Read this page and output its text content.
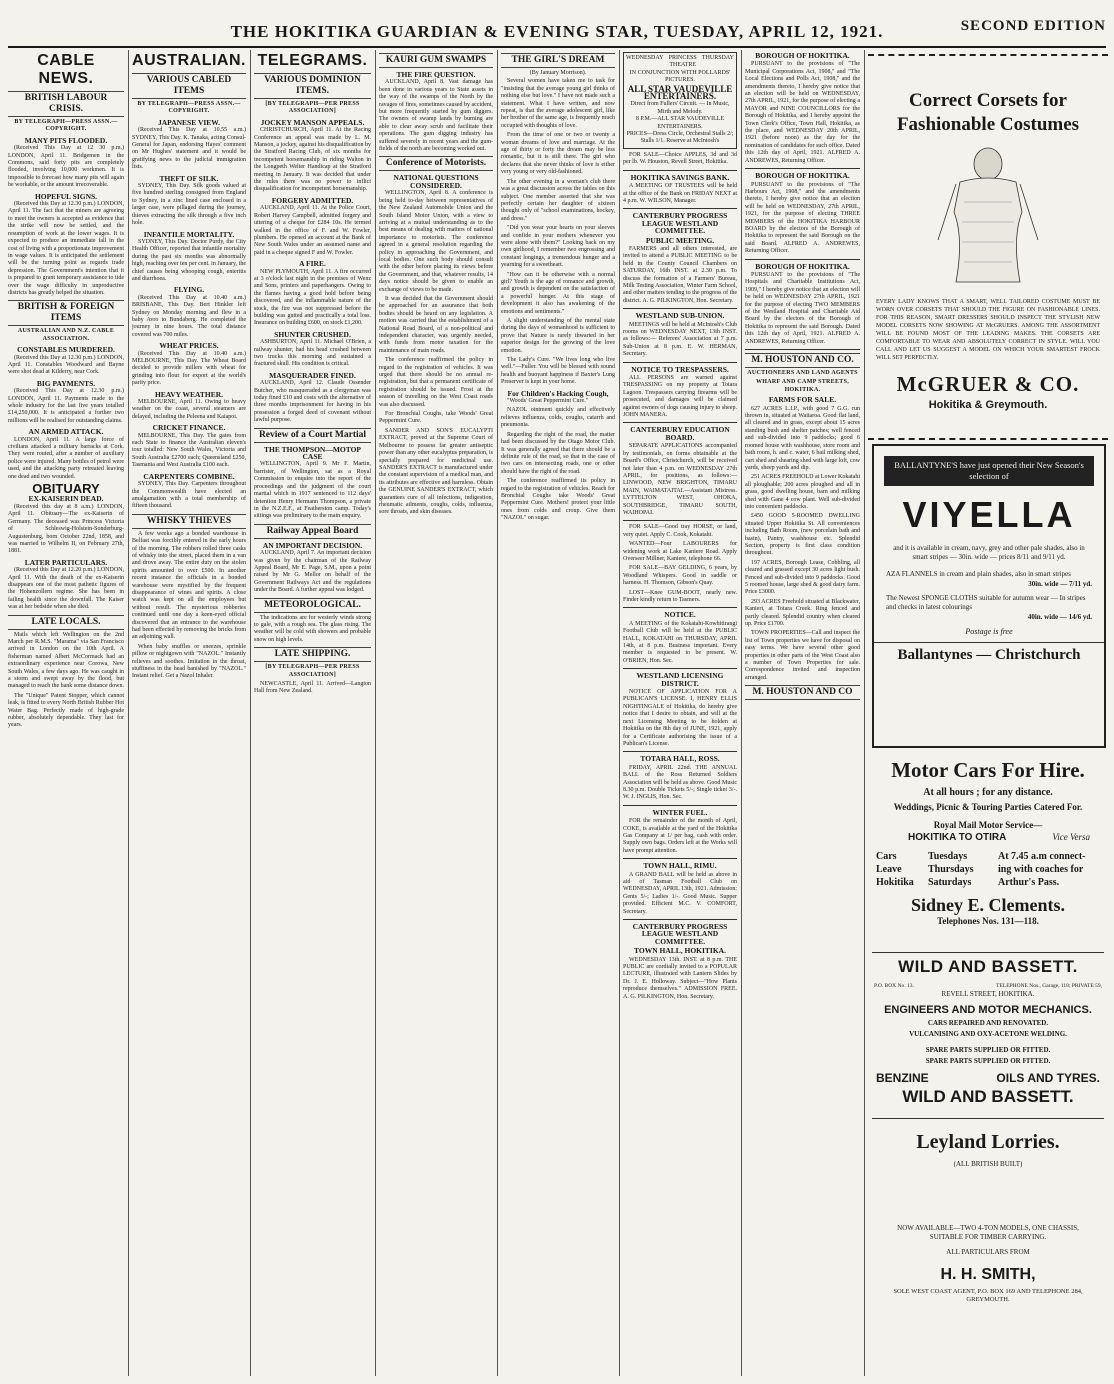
THE HOKITIKA GUARDIAN & EVENING STAR, TUESDAY, APRIL 12, 1921.	SECOND EDITION
CABLE NEWS.
BRITISH LABOUR CRISIS.
BY TELEGRAPH—PRESS ASSN.—COPYRIGHT.
MANY PITS FLOODED.

(Received This Day at 12 30 p.m.) LONDON, April 11. Bridgemen in the Commons, said forty pits are completely flooded, involving 10,000 workmen. It is impossible to forecast how many pits will again be workable, or the amount irrecoverable.

HOPEFUL SIGNS.

(Received this Day at 12.30 p.m.) LONDON, April 11. The fact that the miners are agreeing to meet the owners is accepted as evidence that the strike will now be settled, and the resumption of work at the lower wages. It is expected to produce an immediate fall in the cost of living with a proportionate improvement in wage values. It is anticipated the settlement will be the turning point as regards trade depression. The Government's intention that it is prepared to grant temporary assistance to tide over the wage difficulty in unproductive districts has greatly helped the situation.

BRITISH & FOREIGN ITEMS
AUSTRALIAN AND N.Z. CABLE ASSOCIATION.
CONSTABLES MURDERED.

(Received this Day at 12.30 p.m.) LONDON, April 11. Constables Woodward and Bayne were shot dead at Kilderry, near Cork.

BIG PAYMENTS.

(Received This Day at 12.30 p.m.) LONDON, April 11. Payments made to the whole industry for the last five years totalled £14,250,000. It is anticipated a further two millions will be realised for outstanding claims.

AN ARMED ATTACK.

LONDON, April 11. A large force of civilians attacked a military barracks at Cork. They were routed, after a number of auxiliary police were injured. Many bottles of petrol were used, and the attacking party retreated leaving one dead and two wounded.

OBITUARY
EX-KAISERIN DEAD.

(Received this day at 8 a.m.) LONDON, April 11. Obituary—The ex-Kaiserin of Germany. The deceased was Princess Victoria of Schleswig-Holstein-Sonderburg-Augustenburg, born October 22nd, 1858, and was married to Wilhelm II, on February 27th, 1881.

LATER PARTICULARS.

(Received this Day at 12.20 p.m.) LONDON, April 11. With the death of the ex-Kaiserin disappears one of the most pathetic figures of the Hohenzollern regime. She has been in failing health since the downfall. The Kaiser was at her bedside when she died.

LATE LOCALS.

Mails which left Wellington on the 2nd March per R.M.S. "Marama" via San Francisco arrived in London on the 10th April. A fisherman named Albert McCormack had an extraordinary experience near Corowa, New South Wales, a few days ago. He was caught in a storm and swept away by the flood, but managed to reach the bank some distance down.

The "Unique" Patent Stopper, which cannot leak, is fitted to every North British Rubber Hot Water Bag. Perfectly made of high-grade rubber, absolutely dependable. They last for years.

AUSTRALIAN.
VARIOUS CABLED ITEMS
BY TELEGRAPH—PRESS ASSN.—COPYRIGHT.
JAPANESE VIEW.

(Received This Day at 10.55 a.m.) SYDNEY, This Day. K. Tanaka, acting Consul-General for Japan, endorsing Hayes' comment on Mr Hughes' statement and it would be gratifying news to the judicial immigration lists.

THEFT OF SILK.

SYDNEY, This Day. Silk goods valued at five hundred sterling consigned from England to Sydney, in a zinc lined case enclosed in a larger case, were pillaged during the journey, thieves extracting the silk through a five inch hole.

INFANTILE MORTALITY.

SYDNEY, This Day. Doctor Purdy, the City Health Officer, reported that infantile mortality during the past six months was abnormally high, reaching over ten per cent. in January, the chief causes being whooping cough, enteritis and diarrhoea.

FLYING.

(Received This Day at 10.40 a.m.) BRISBANE, This Day. Bert Hinkler left Sydney on Monday morning and flew in a baby Avro to Bundaberg. He completed the journey in nine hours. The total distance covered was 700 miles.

WHEAT PRICES.

(Received This Day at 10.40 a.m.) MELBOURNE, This Day. The Wheat Board decided to provide millers with wheat for grinding into flour for export at the world's parity price.

HEAVY WEATHER.

MELBOURNE, April 11. Owing to heavy weather on the coast, several steamers are delayed, including the Peleena and Kaiapoi.

CRICKET FINANCE.

MELBOURNE, This Day. The gates from each State to finance the Australian eleven's tour totalled: New South Wales, Victoria and South Australia £2700 each; Queensland £250, Tasmania and West Australia £100 each.

CARPENTERS COMBINE.

SYDNEY, This Day. Carpenters throughout the Commonwealth have elected an amalgamation with a total membership of fifteen thousand.

WHISKY THIEVES

A few weeks ago a bonded warehouse in Belfast was forcibly entered in the early hours of the morning. The robbers rolled three casks of whisky into the street, placed them in a van and drove away. The entire duty on the stolen spirits amounted to over £500. In another recent instance the officials in a bonded warehouse were mystified by the frequent disappearance of wines and spirits. A close watch was kept on all the employees but without result. The mysterious robberies continued until one day a keen-eyed official discovered that an entrance to the warehouse had been effected by removing the bricks from an adjoining wall.

When baby snuffles or sneezes, sprinkle pillow or nightgown with "NAZOL." Instantly relieves and soothes. Imitation in the throat, stuffiness in the head banished by "NAZOL." Instant relief. Get a Nazol Inhaler.

TELEGRAMS.
VARIOUS DOMINION ITEMS.
[BY TELEGRAPH—PER PRESS ASSOCIATION]
JOCKEY MANSON APPEALS.

CHRISTCHURCH, April 11. At the Racing Conference an appeal was made by L. M. Manson, a jockey, against his disqualification by the Stratford Racing Club, of six months for incompetent horsemanship in riding Walton in the Longpeth Welter Handicap at the Stratford meeting in January. It was decided that under the rules there was no power to inflict disqualification for incompetent horsemanship.

FORGERY ADMITTED.

AUCKLAND, April 11. At the Police Court, Robert Harvey Campbell, admitted forgery and uttering of a cheque for £284 10s. He termed walked in the office of F. and W. Fowler, plumbers. He opened an account at the Bank of New South Wales under an assumed name and paid in a cheque signed F and W. Fowler.

A FIRE.

NEW PLYMOUTH, April 11. A fire occurred at 3 o'clock last night in the premises of Wenz and Sons, printers and paperhangers. Owing to the flames having a good hold before being discovered, and the inflammable nature of the stock, the fire was not suppressed before the building was gutted and practically a total loss. Insurance on building £600, on stock £1,200.

SHUNTER CRUSHED.

ASHBURTON, April 11. Michael O'Brien, a railway shunter, had his head crushed between two trucks this morning and sustained a fractured skull. His condition is critical.

MASQUERADER FINED.

AUCKLAND, April 12. Claude Ossender Butcher, who masqueraded as a clergyman was today fined £10 and costs with the alternative of three months imprisonment for having in his possession a forged deed of covenant without lawful purpose.

Review of a Court Martial
THE THOMPSON—MOTOP CASE

WELLINGTON, April 9. Mr F. Martin, barrister, of Wellington, sat as a Royal Commission to enquire into the report of the proceedings and the judgment of the court martial which in 1917 sentenced to 112 days' detention Henry Hermann Thompson, a private in the N.Z.E.F., at Featherston camp. Today's sittings was preliminary to the main enquiry.

Railway Appeal Board
AN IMPORTANT DECISION.

AUCKLAND, April 7. An important decision was given by the chairman of the Railway Appeal Board, Mr E. Page, S.M., upon a point raised by Mr G. Mellor on behalf of the Government Railways Act and the regulations under the Board. A further appeal was lodged.

METEOROLOGICAL.

The indications are for westerly winds strong to gale, with a rough sea. The glass rising. The weather will be cold with showers and probable snow on high levels.

LATE SHIPPING.
[BY TELEGRAPH—PER PRESS ASSOCIATION]

NEWCASTLE, April 11. Arrived—Langton Hall from New Zealand.

KAURI GUM SWAMPS
THE FIRE QUESTION.

AUCKLAND, April 8. Vast damage has been done in various years to State assets in the way of the swamps of the North by the ravages of fires, sometimes caused by accident, but more frequently started by gum diggers. The owners of swamp lands by burning are able to clear away scrub and facilitate their operations. The gum digging industry has suffered severely in recent years and the gum-fields of the north are becoming worked out.

Conference of Motorists.
NATIONAL QUESTIONS CONSIDERED.

WELLINGTON, April 8. A conference is being held to-day between representatives of the New Zealand Automobile Union and the South Island Motor Union, with a view to arriving at a mutual understanding as to the best means of dealing with matters of national importance to motorists. The conference agreed in a general resolution regarding the policy in approaching the Government, and local bodies. One such body should consult with the other before placing its views before the Government, and that, whatever results, 14 days notice should be given to enable an exchange of views to be made.

It was decided that the Government should be approached for an assurance that both bodies should be heard on any legislation. A motion was carried that the establishment of a National Road Board, of a non-political and independent character, was urgently needed, with funds from motor taxation for the maintenance of main roads.

The conference reaffirmed the policy in regard to the registration of vehicles. It was urged that there should be no annual re-registration, but that a permanent certificate of registration should be issued. Frost at the season of travelling on the West Coast roads was also discussed.

For Bronchial Coughs, take Woods' Great Peppermint Cure.

SANDER AND SON'S EUCALYPTI EXTRACT, proved at the Supreme Court of Melbourne to possess far greater antiseptic power than any other eucalyptus preparation, is specially prepared for medicinal use. SANDER'S EXTRACT is manufactured under the constant supervision of a medical man, and its attributes are effective and harmless. Obtain the GENUINE SANDER'S EXTRACT, which guarantees cure of all infections, indigestion, rheumatic ailments, coughs, colds, influenza, sore throats, and skin diseases.

THE GIRL'S DREAM
(By January Morrison).

Several women have taken me to task for "insisting that the average young girl thinks of nothing else but love." I have not made such a statement. What I have written, and now repeat, is that the average adolescent girl, like her brother of the same age, is frequently much occupied with thoughts of love.

From the time of one or two or twenty a woman dreams of love and marriage. At the age of thirty or forty the dream may be less romantic, but it is still there. The girl who declares that she never thinks of love is either very young or very old-fashioned.

The other evening in a woman's club there was a great discussion across the tables on this subject. One member asserted that she was perfectly certain her daughter of sixteen thought only of "school examinations, hockey, and dress."

"Did you wear your hearts on your sleeves and confide in your mothers whenever you were alone with them?" Looking back on my own girlhood, I remember two engrossing and constant longings, a tremendous hunger and a yearning for a sweetheart.

"How can it be otherwise with a normal girl? Youth is the age of romance and growth, and growth is dependent on the satisfaction of a powerful hunger. At this stage of development it also has awakening of the emotions and sentiments."

A slight understanding of the mental state during the days of womanhood is sufficient to prove that Nature is rarely thwarted in her superior design for the growing of the love emotion.

The Lady's Cure. "We lives long who live well."—Fuller. You will be blessed with sound health and buoyant happiness if Baxter's Lung Preserver is kept in your home.

For Children's Hacking Cough,

"Woods' Great Peppermint Cure."

NAZOL ointment quickly and effectively relieves influenza, colds, coughs, catarrh and pneumonia.

Regarding the right of the road, the matter had been discussed by the Otago Motor Club. It was generally agreed that there should be a definite rule of the road, so that in the case of two cars on intersecting roads, one or other should have the right of the road.

The conference reaffirmed its policy in regard to the registration of vehicles. Reach for Bronchial Coughs take Woods' Great Peppermint Cure. Mothers! protect your little ones from colds and croup. Give them "NAZOL" on sugar.

WEDNESDAY PRINCESS THEATRE
THURSDAY
IN CONJUNCTION WITH POLLARDS' PICTURES.
ALL STAR VAUDEVILLE ENTERTAINERS.
Direct from Fullers' Circuit. — In Music, Mirth and Melody.
8 P.M.—ALL STAR VAUDEVILLE ENTERTAINERS.
PRICES—Dress Circle, Orchestral Stalls 2/; Stalls 1/1. Reserve at McIntosh's

FOR SALE—Choice APPLES, 3d and 3d per lb. W. Houston, Revell Street, Hokitika.

HOKITIKA SAVINGS BANK.

A MEETING OF TRUSTEES will be held at the office of the Bank on FRIDAY NEXT at 4 p.m. W. WILSON, Manager.

CANTERBURY PROGRESS LEAGUE WESTLAND COMMITTEE.
PUBLIC MEETING.

FARMERS and all others interested, are invited to attend a PUBLIC MEETING to be held in the County Council Chambers on SATURDAY, 16th INST. at 2.30 p.m. To discuss the formation of a Farmers' Bureau, Milk Testing Association, Winter Farm School, and other matters tending to the progress of the district. A. G. PILKINGTON, Hon. Secretary.

WESTLAND SUB-UNION.

MEETINGS will be held at McIntosh's Club rooms on WEDNESDAY NEXT, 13th INST. as follows:— Referees' Association at 7 p.m. Sub-Union at 8 p.m. E. W. HERMAN, Secretary.

NOTICE TO TRESPASSERS.

ALL PERSONS are warned against TRESPASSING on my property at Totara Lagoon. Trespassers carrying firearms will be prosecuted, and damages will be claimed against owners of dogs causing injury to sheep. JOHN MANERA.

CANTERBURY EDUCATION BOARD.

SEPARATE APPLICATIONS accompanied by testimonials, on forms obtainable at the Board's Office, Christchurch, will be received not later than 4 p.m. on WEDNESDAY 27th APRIL, for positions, as follows:— LINWOOD, NEW BRIGHTON, TIMARU MAIN, WAIMATAITAI.—Assistant Mistress. LYTTELTON WEST, OHOKA, SOUTHBRIDGE, TIMARU SOUTH, WAIHOPAI.

FOR SALE—Good tray HORSE, or land, very quiet. Apply C. Cook, Kokatahi.

WANTED—Four LABOURERS for widening work at Lake Kaniere Road. Apply Overseer Millner, Kaniere, telephone 66.

FOR SALE—BAY GELDING, 6 years, by Woodland Whispers. Good in saddle or harness. H. Thomson, Gibson's Quay.

LOST—Knee GUM-BOOT, nearly new. Finder kindly return to Tasmers.

NOTICE.

A MEETING of the Kokatahi-Kowhitirangi Football Club will be held at the PUBLIC HALL, KOKATAHI on THURSDAY, APRIL 14th, at 8 p.m. Business important. Every member is requested to be present. W. O'BRIEN, Hon. Sec.

WESTLAND LICENSING DISTRICT.

NOTICE OF APPLICATION FOR A PUBLICAN'S LICENSE. I, HENRY ELLIS NIGHTINGALE of Hokitika, do hereby give notice that I desire to obtain, and will at the next Licensing Meeting to be holden at Hokitika on the 8th day of JUNE, 1921, apply for a Certificate authorising the issue of a Publican's License.

TOTARA HALL, ROSS.

FRIDAY, APRIL 22nd. THE ANNUAL BALL of the Ross Returned Soldiers Association will be held as above. Good Music 8.30 p.m. Double Tickets 5/-; Single ticket 3/-. W. J. INGLIS, Hon. Sec.

WINTER FUEL.

FOR the remainder of the month of April, COKE, is available at the yard of the Hokitika Gas Company at 1/ per bag, cash with order. Supply own bags. Orders left at the Works will have prompt attention.

TOWN HALL, RIMU.

A GRAND BALL will be held as above in aid of Tasman Football Club on WEDNESDAY, APRIL 13th, 1921. Admission: Gents 5/-; Ladies 1/-. Good Music. Supper provided. Efficient M.C. V. COMFORT, Secretary.

CANTERBURY PROGRESS LEAGUE WESTLAND COMMITTEE.
TOWN HALL, HOKITIKA.

WEDNESDAY 13th. INST. at 8 p.m. THE PUBLIC are cordially invited to a POPULAR LECTURE, illustrated with Lantern Slides by Dr. J. E. Holloway. Subject—"How Plants reproduce themselves." ADMISSION FREE. A. G. PILKINGTON, Hon. Secretary.

BOROUGH OF HOKITIKA.

PURSUANT to the provisions of "The Municipal Corporations Act, 1908," and "The Local Elections and Polls Act, 1908," and the amendments thereto, I hereby give notice that an election will be held on WEDNESDAY, 27th APRIL, 1921, for the purpose of electing a MAYOR and NINE COUNCILLORS for the Borough of Hokitika, and I hereby appoint the Town Clerk's Office, Town Hall, Hokitika, as the place, and WEDNESDAY 20th APRIL, 1921 (before noon) as the day for the nomination of candidates for such office. Dated this 12th day of April, 1921. ALFRED A. ANDREWES, Returning Officer.

BOROUGH OF HOKITIKA.

PURSUANT to the provisions of "The Harbours Act, 1908," and the amendments thereto, I hereby give notice that an election will be held on WEDNESDAY, 27th APRIL, 1921, for the purpose of electing THREE MEMBERS of the HOKITIKA HARBOUR BOARD by the electors of the Borough of Hokitika to represent the said Borough on the said Board. ALFRED A. ANDREWES, Returning Officer.

BOROUGH OF HOKITIKA.

PURSUANT to the provisions of "The Hospitals and Charitable Institutions Act, 1909," I hereby give notice that an election will be held on WEDNESDAY 27th APRIL, 1921 for the purpose of electing TWO MEMBERS of the Westland Hospital and Charitable Aid Board by the electors of the Borough of Hokitika to represent the said Borough. Dated this 12th day of April, 1921. ALFRED A. ANDREWES, Returning Officer.

M. HOUSTON AND CO.
AUCTIONEERS AND LAND AGENTS
WHARF AND CAMP STREETS, HOKITIKA.
FARMS FOR SALE.

627 ACRES L.I.P., with good 7 G.G. run thrown in, situated at Waitaroa. Good flat land, all cleared and in grass, except about 15 acres standing bush and shelter patches; well fenced and sub-divided into 9 paddocks; good 6 roomed house with washhouse, store room and bath room, h. and c. water, 6 bail milking shed, cart shed and shearing shed with large loft, cow yards, sheep yards and dip.

251 ACRES FREEHOLD at Lower Kokatahi all ploughable; 200 acres ploughed and all in grass, good dwelling house, barn and milking shed with Gane 4 cow plant. Well sub-divided into convenient paddocks.

£450 GOOD 5-ROOMED DWELLING situated Upper Hokitika St. All conveniences including Bath Room, (new porcelain bath and basin), Pantry, washhouse etc. Splendid Section, property is first class condition throughout.

197 ACRES, Borough Lease, Cobbling, all cleared and grassed except 30 acres light bush. Fenced and sub-divided into 9 paddocks. Good 5 roomed house, large shed & good dairy farm. Price £3000.

293 ACRES Freehold situated at Blackwater, Kanieri, at Totara Creek. Ring fenced and partly cleared. Splendid country when cleared up. Price £1700.

TOWN PROPERTIES—Call and inspect the list of Town properties we have for disposal on easy terms. We have several other good properties in other parts of the West Coast also a number of Town Properties for sale. Correspondence invited and inspection arranged.

M. HOUSTON AND CO
Correct Corsets for
Fashionable Costumes
EVERY LADY KNOWS THAT A SMART, WELL TAILORED COSTUME MUST BE WORN OVER CORSETS THAT SHOULD THE FIGURE ON FASHIONABLE LINES. FOR THIS REASON, SMART DRESSERS SHOULD INSPECT THE STYLISH NEW MODEL CORSETS NOW SHOWING AT McGRUERS. AMONG THE ASSORTMENT WILL BE FOUND MOST OF THE LEADING MAKES. THE CORSETS ARE COMFORTABLE TO WEAR AND ABSOLUTELY CORRECT IN STYLE. WILL YOU CALL AND LET US SUGGEST A MODEL ON WHICH YOUR SMARTEST FROCK WILL SET PERFECTLY.
McGRUER & CO.
Hokitika & Greymouth.
BALLANTYNE'S have just opened their New Season's selection of
VIYELLA
and it is available in cream, navy, grey and other pale shades, also in smart stripes — 30in. wide — prices 8/11 and 9/11 yd.
AZA FLANNELS in cream and plain shades, also in smart stripes
30in. wide — 7/11 yd.
The Newest SPONGE CLOTHS suitable for autumn wear — In stripes and checks in latest colourings
40in. wide — 14/6 yd.
Postage is free
Ballantynes — Christchurch
Motor Cars For Hire.
At all hours ; for any distance.
Weddings, Picnic & Touring Parties Catered For.
Royal Mail Motor Service—
HOKITIKA TO OTIRA	Vice Versa
Cars	Tuesdays	At 7.45 a.m connect-
Leave	Thursdays	ing with coaches for
Hokitika	Saturdays	Arthur's Pass.
Sidney E. Clements.
Telephones Nos. 131—118.
WILD AND BASSETT.
P.O. BOX No. 13.	TELEPHONE Nos., Garage, 118; PRIVATE 59,
REVELL STREET, HOKITIKA.
ENGINEERS AND MOTOR MECHANICS.
CARS REPAIRED AND RENOVATED.
VULCANISING AND OXY-ACETONE WELDING.
SPARE PARTS SUPPLIED OR FITTED.
SPARE PARTS SUPPLIED OR FITTED.
BENZINE	OILS AND TYRES.
WILD AND BASSETT.
Leyland Lorries.
(ALL BRITISH BUILT)
NOW AVAILABLE—TWO 4-TON MODELS, ONE CHASSIS, SUITABLE FOR TIMBER CARRYING.
ALL PARTICULARS FROM
H. H. SMITH,
SOLE WEST COAST AGENT, P.O. BOX 169 AND TELEPHONE 284, GREYMOUTH.
